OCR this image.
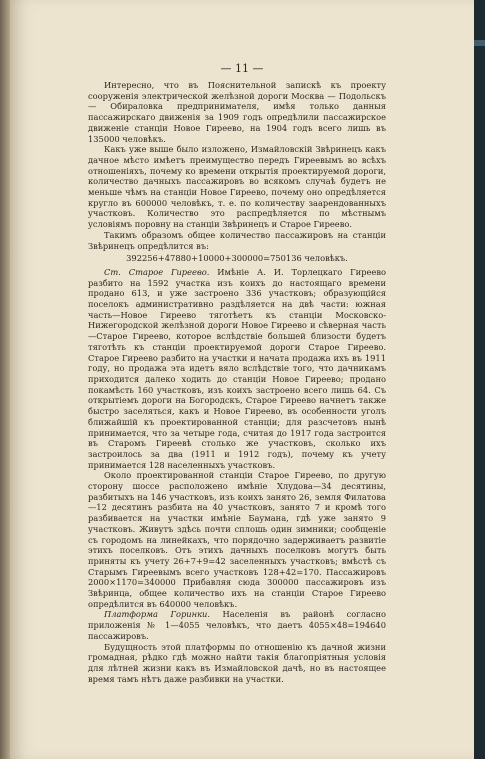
— 11 —

Интересно, что въ Пояснительной запискѣ къ проекту сооруженія электрической желѣзной дороги Москва — Подольскъ — Обираловка предпринимателя, имѣя только данныя пассажирскаго движенія за 1909 годъ опредѣлили пассажирское движеніе станціи Новое Гиреево, на 1904 годъ всего лишь въ 135000 человѣкъ.

Какъ уже выше было изложено, Измайловскій Звѣринецъ какъ дачное мѣсто имѣетъ преимущество передъ Гиреевымъ во всѣхъ отношеніяхъ, почему ко времени открытія проектируемой дороги, количество дачныхъ пассажировъ во всякомъ случаѣ будетъ не меньше чѣмъ на станціи Новое Гиреево, почему оно опредѣляется кругло въ 600000 человѣкъ, т. е. по количеству заарендованныхъ участковъ. Количество это распредѣляется по мѣстнымъ условіямъ поровну на станціи Звѣринецъ и Старое Гиреево.

Такимъ образомъ общее количество пассажировъ на станціи Звѣринецъ опредѣлится въ:

392256+47880+10000+300000=750136 человѣкъ.

Ст. Старое Гиреево. Имѣніе А. И. Торлецкаго Гиреево разбито на 1592 участка изъ коихъ до настоящаго времени продано 613, и уже застроено 336 участковъ; образующійся поселокъ административно раздѣляется на двѣ части: южная часть—Новое Гиреево тяготѣетъ къ станціи Московско-Нижегородской желѣзной дороги Новое Гиреево и сѣверная часть—Старое Гиреево, которое вслѣдствіе большей близости будетъ тяготѣть къ станціи проектируемой дороги Старое Гиреево. Старое Гиреево разбито на участки и начата продажа ихъ въ 1911 году, но продажа эта идетъ вяло вслѣдствіе того, что дачникамъ приходится далеко ходить до станціи Новое Гиреево; продано покамѣсть 160 участковъ, изъ коихъ застроено всего лишь 64. Съ открытіемъ дороги на Богородскъ, Старое Гиреево начнетъ также быстро заселяться, какъ и Новое Гиреево, въ особенности уголъ ближайшій къ проектированной станціи; для разсчетовъ нынѣ принимается, что за четыре года, считая до 1917 года застроится въ Старомъ Гиреевѣ столько же участковъ, сколько ихъ застроилось за два (1911 и 1912 годъ), почему къ учету принимается 128 населенныхъ участковъ.

Около проектированной станціи Старое Гиреево, по другую сторону шоссе расположено имѣніе Хлудова—34 десятины, разбитыхъ на 146 участковъ, изъ коихъ занято 26, земля Филатова—12 десятинъ разбита на 40 участковъ, занято 7 и кромѣ того разбивается на участки имѣніе Баумана, гдѣ уже занято 9 участковъ. Живутъ здѣсь почти сплошь один зимники; сообщеніе съ городомъ на линейкахъ, что порядочно задерживаетъ развитіе этихъ поселковъ. Отъ этихъ дачныхъ поселковъ могутъ быть приняты къ учету 26+7+9=42 заселенныхъ участковъ; вмѣстѣ съ Старымъ Гиреевымъ всего участковъ 128+42=170. Пассажировъ 2000×1170=340000 Прибавляя сюда 300000 пассажировъ изъ Звѣринца, общее количество ихъ на станціи Старое Гиреево опредѣлится въ 640000 человѣкъ.

Платформа Горинки. Населенія въ районѣ согласно приложенія № 1—4055 человѣкъ, что даетъ 4055×48=194640 пассажировъ.

Будущность этой платформы по отношенію къ дачной жизни громадная, рѣдко гдѣ можно найти такія благопріятныя условія для лѣтней жизни какъ въ Измайловской дачѣ, но въ настоящее время тамъ нѣтъ даже разбивки на участки.
